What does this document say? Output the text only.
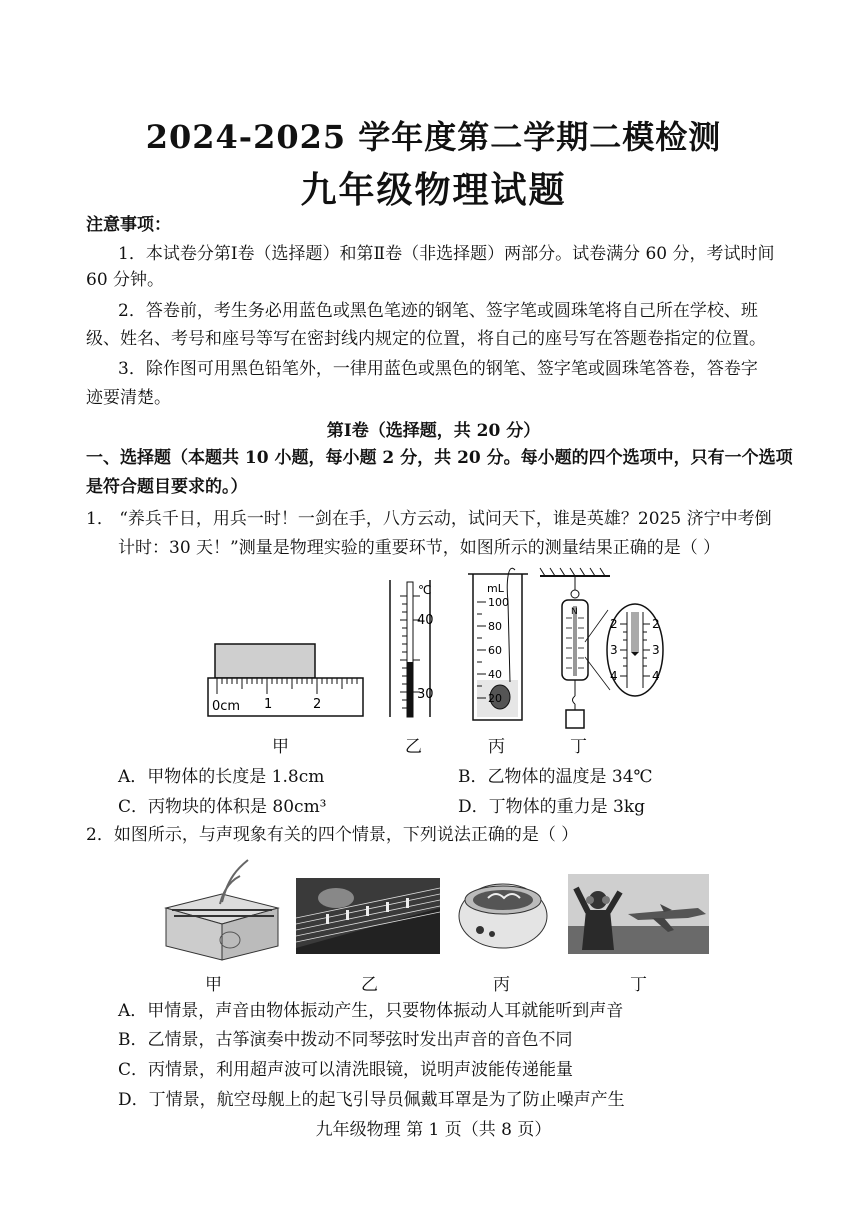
2024-2025 学年度第二学期二模检测
九年级物理试题
注意事项：
1．本试卷分第Ⅰ卷（选择题）和第Ⅱ卷（非选择题）两部分。试卷满分 60 分，考试时间
60 分钟。
2．答卷前，考生务必用蓝色或黑色笔迹的钢笔、签字笔或圆珠笔将自己所在学校、班
级、姓名、考号和座号等写在密封线内规定的位置，将自己的座号写在答题卷指定的位置。
3．除作图可用黑色铅笔外，一律用蓝色或黑色的钢笔、签字笔或圆珠笔答卷，答卷字
迹要清楚。
第Ⅰ卷（选择题，共 20 分）
一、选择题（本题共 10 小题，每小题 2 分，共 20 分。每小题的四个选项中，只有一个选项
是符合题目要求的。）
1． “养兵千日，用兵一时！一剑在手，八方云动，试问天下，谁是英雄？2025 济宁中考倒
计时：30 天！”测量是物理实验的重要环节，如图所示的测量结果正确的是（ ）
0cm 1	2
℃
40
30
mL
100
80
60
40
20
N
2
3
4
2
3
4
甲	乙	丙	丁
A．甲物体的长度是 1.8cm	B．乙物体的温度是 34℃
C．丙物块的体积是 80cm³	D．丁物体的重力是 3kg
2．如图所示，与声现象有关的四个情景，下列说法正确的是（ ）
甲	乙	丙	丁
A．甲情景，声音由物体振动产生，只要物体振动人耳就能听到声音
B．乙情景，古筝演奏中拨动不同琴弦时发出声音的音色不同
C．丙情景，利用超声波可以清洗眼镜，说明声波能传递能量
D．丁情景，航空母舰上的起飞引导员佩戴耳罩是为了防止噪声产生
九年级物理 第 1 页（共 8 页）
